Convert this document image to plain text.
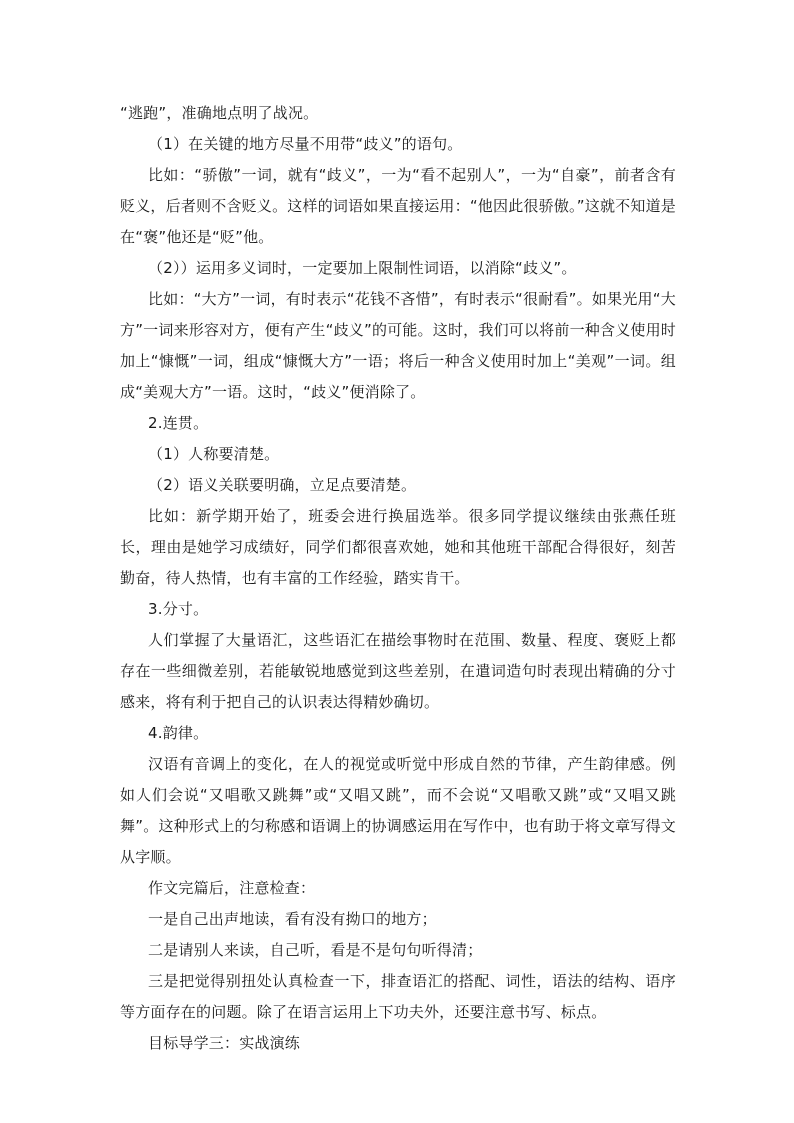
“逃跑”，准确地点明了战况。

（1）在关键的地方尽量不用带“歧义”的语句。

比如：“骄傲”一词，就有“歧义”，一为“看不起别人”，一为“自豪”，前者含有贬义，后者则不含贬义。这样的词语如果直接运用：“他因此很骄傲。”这就不知道是在“褒”他还是“贬”他。

（2））运用多义词时，一定要加上限制性词语，以消除“歧义”。

比如：“大方”一词，有时表示“花钱不吝惜”，有时表示“很耐看”。如果光用“大方”一词来形容对方，便有产生“歧义”的可能。这时，我们可以将前一种含义使用时加上“慷慨”一词，组成“慷慨大方”一语；将后一种含义使用时加上“美观”一词。组成“美观大方”一语。这时，“歧义”便消除了。

2.连贯。

（1）人称要清楚。

（2）语义关联要明确，立足点要清楚。

比如：新学期开始了，班委会进行换届选举。很多同学提议继续由张燕任班长，理由是她学习成绩好，同学们都很喜欢她，她和其他班干部配合得很好，刻苦勤奋，待人热情，也有丰富的工作经验，踏实肯干。

3.分寸。

人们掌握了大量语汇，这些语汇在描绘事物时在范围、数量、程度、褒贬上都存在一些细微差别，若能敏锐地感觉到这些差别，在遣词造句时表现出精确的分寸感来，将有利于把自己的认识表达得精妙确切。

4.韵律。

汉语有音调上的变化，在人的视觉或听觉中形成自然的节律，产生韵律感。例如人们会说“又唱歌又跳舞”或“又唱又跳”，而不会说“又唱歌又跳”或“又唱又跳舞”。这种形式上的匀称感和语调上的协调感运用在写作中，也有助于将文章写得文从字顺。

作文完篇后，注意检查：

一是自己出声地读，看有没有拗口的地方；

二是请别人来读，自己听，看是不是句句听得清；

三是把觉得别扭处认真检查一下，排查语汇的搭配、词性，语法的结构、语序等方面存在的问题。除了在语言运用上下功夫外，还要注意书写、标点。

目标导学三：实战演练
